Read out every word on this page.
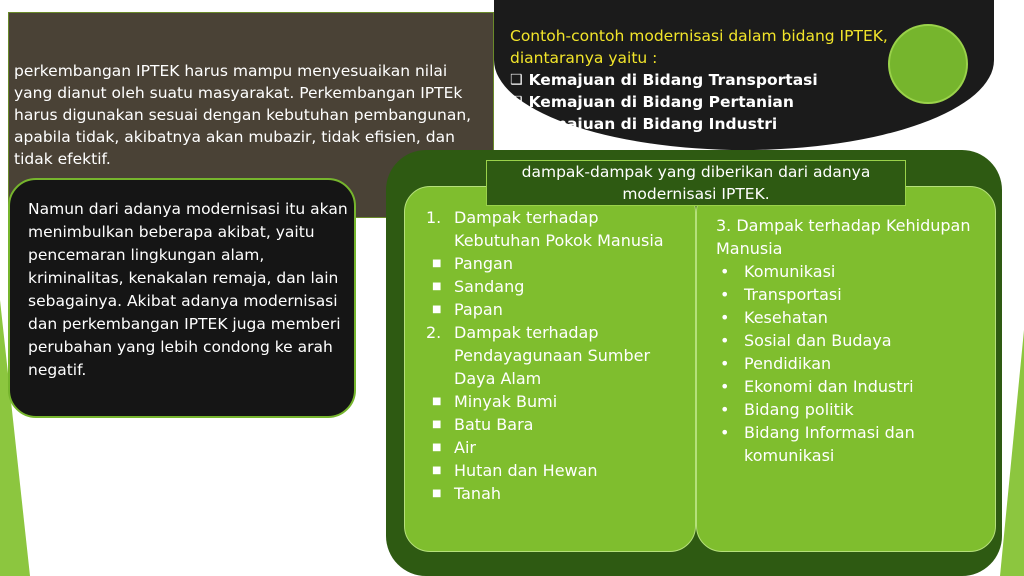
perkembangan IPTEK harus mampu menyesuaikan nilai yang dianut oleh suatu masyarakat. Perkembangan IPTEk harus digunakan sesuai dengan kebutuhan pembangunan, apabila tidak, akibatnya akan mubazir, tidak efisien, dan tidak efektif.
Contoh-contoh modernisasi dalam bidang IPTEK, diantaranya yaitu :
❑ Kemajuan di Bidang Transportasi
❑ Kemajuan di Bidang Pertanian
❑ Kemajuan di Bidang Industri
Namun dari adanya modernisasi itu akan menimbulkan beberapa akibat, yaitu pencemaran lingkungan alam, kriminalitas, kenakalan remaja, dan lain sebagainya. Akibat adanya modernisasi dan perkembangan IPTEK juga memberi perubahan yang lebih condong ke arah negatif.
dampak-dampak yang diberikan dari adanya modernisasi IPTEK.
1. Dampak terhadap Kebutuhan Pokok Manusia
■ Pangan
■ Sandang
■ Papan
2. Dampak terhadap Pendayagunaan Sumber Daya Alam
■ Minyak Bumi
■ Batu Bara
■ Air
■ Hutan dan Hewan
■ Tanah
3. Dampak terhadap Kehidupan Manusia
• Komunikasi
• Transportasi
• Kesehatan
• Sosial dan Budaya
• Pendidikan
• Ekonomi dan Industri
• Bidang politik
• Bidang Informasi dan komunikasi
